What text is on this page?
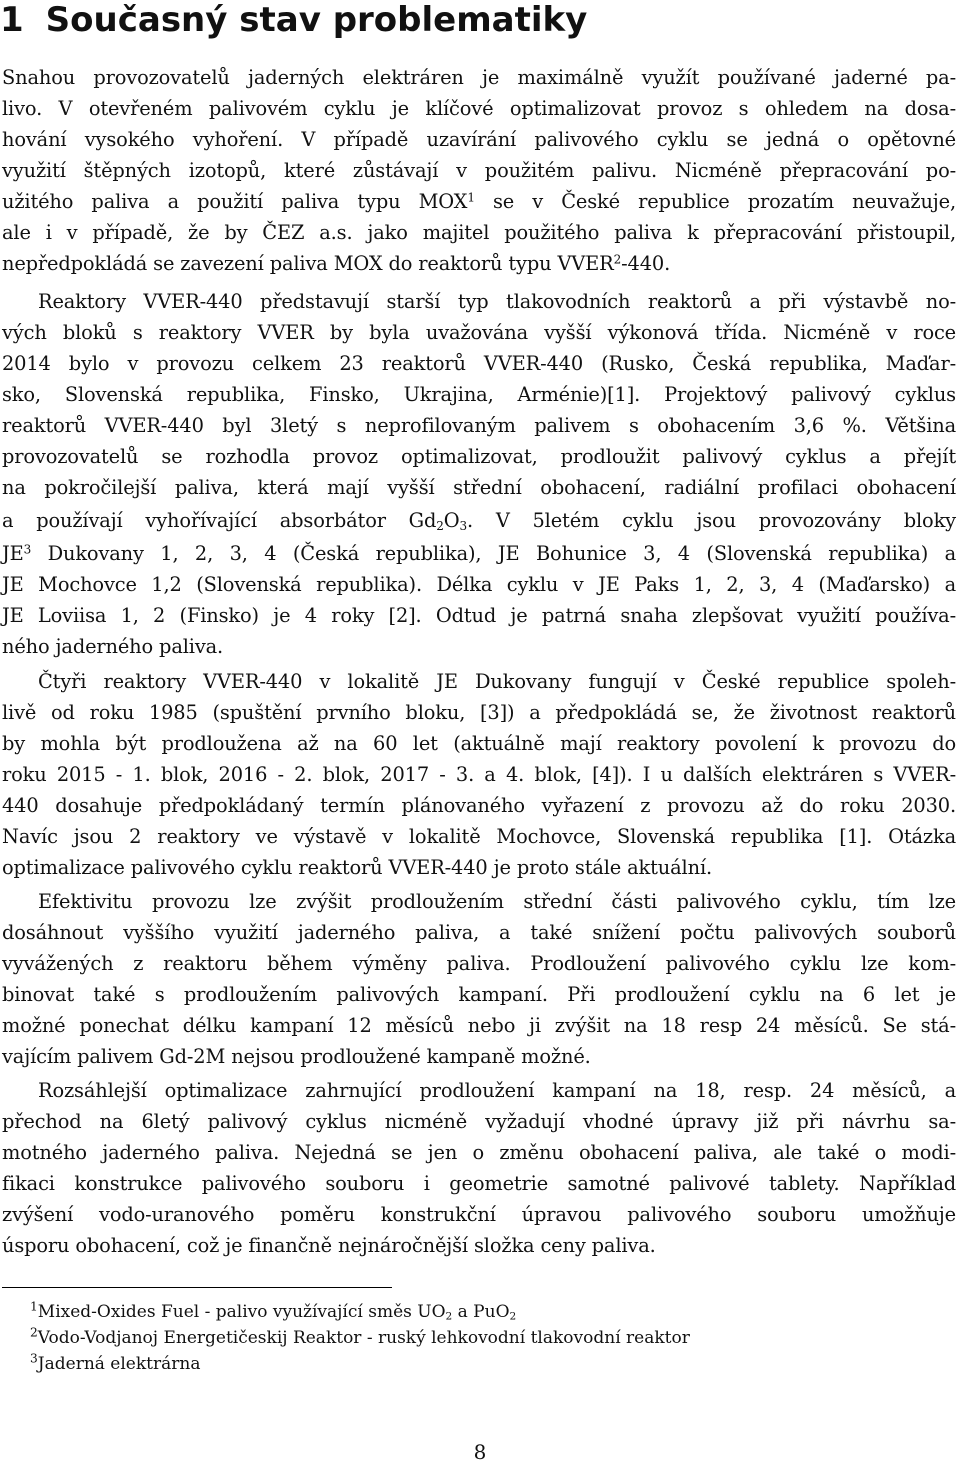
1 Současný stav problematiky
Snahou provozovatelů jaderných elektráren je maximálně využít používané jaderné pa-
livo. V otevřeném palivovém cyklu je klíčové optimalizovat provoz s ohledem na dosa-
hování vysokého vyhoření. V případě uzavírání palivového cyklu se jedná o opětovné
využití štěpných izotopů, které zůstávají v použitém palivu. Nicméně přepracování po-
užitého paliva a použití paliva typu MOX$^1$ se v České republice prozatím neuvažuje,
ale i v případě, že by ČEZ a.s. jako majitel použitého paliva k přepracování přistoupil,
nepředpokládá se zavezení paliva MOX do reaktorů typu VVER$^2$-440.
Reaktory VVER-440 představují starší typ tlakovodních reaktorů a při výstavbě no-
vých bloků s reaktory VVER by byla uvažována vyšší výkonová třída. Nicméně v roce
2014 bylo v provozu celkem 23 reaktorů VVER-440 (Rusko, Česká republika, Maďar-
sko, Slovenská republika, Finsko, Ukrajina, Arménie)[1]. Projektový palivový cyklus
reaktorů VVER-440 byl 3letý s neprofilovaným palivem s obohacením 3,6 %. Většina
provozovatelů se rozhodla provoz optimalizovat, prodloužit palivový cyklus a přejít
na pokročilejší paliva, která mají vyšší střední obohacení, radiální profilaci obohacení
a používají vyhořívající absorbátor $Gd_2O_3$. V 5letém cyklu jsou provozovány bloky
$JE^3$ Dukovany 1, 2, 3, 4 (Česká republika), JE Bohunice 3, 4 (Slovenská republika) a
JE Mochovce 1,2 (Slovenská republika). Délka cyklu v JE Paks 1, 2, 3, 4 (Maďarsko) a
JE Loviisa 1, 2 (Finsko) je 4 roky [2]. Odtud je patrná snaha zlepšovat využití používa-
ného jaderného paliva.
Čtyři reaktory VVER-440 v lokalitě JE Dukovany fungují v České republice spoleh-
livě od roku 1985 (spuštění prvního bloku, [3]) a předpokládá se, že životnost reaktorů
by mohla být prodloužena až na 60 let (aktuálně mají reaktory povolení k provozu do
roku 2015 - 1. blok, 2016 - 2. blok, 2017 - 3. a 4. blok, [4]). I u dalších elektráren s VVER-
440 dosahuje předpokládaný termín plánovaného vyřazení z provozu až do roku 2030.
Navíc jsou 2 reaktory ve výstavě v lokalitě Mochovce, Slovenská republika [1]. Otázka
optimalizace palivového cyklu reaktorů VVER-440 je proto stále aktuální.
Efektivitu provozu lze zvýšit prodloužením střední části palivového cyklu, tím lze
dosáhnout vyššího využití jaderného paliva, a také snížení počtu palivových souborů
vyvážených z reaktoru během výměny paliva. Prodloužení palivového cyklu lze kom-
binovat také s prodloužením palivových kampaní. Při prodloužení cyklu na 6 let je
možné ponechat délku kampaní 12 měsíců nebo ji zvýšit na 18 resp 24 měsíců. Se stá-
vajícím palivem Gd-2M nejsou prodloužené kampaně možné.
Rozsáhlejší optimalizace zahrnující prodloužení kampaní na 18, resp. 24 měsíců, a
přechod na 6letý palivový cyklus nicméně vyžadují vhodné úpravy již při návrhu sa-
motného jaderného paliva. Nejedná se jen o změnu obohacení paliva, ale také o modi-
fikaci konstrukce palivového souboru i geometrie samotné palivové tablety. Například
zvýšení vodo-uranového poměru konstrukční úpravou palivového souboru umožňuje
úsporu obohacení, což je finančně nejnáročnější složka ceny paliva.
$^1$Mixed-Oxides Fuel - palivo využívající směs $UO_2$ a PuO$_2$
$^2$Vodo-Vodjanoj Energetičeskij Reaktor - ruský lehkovodní tlakovodní reaktor
$^3$Jaderná elektrárna
8
